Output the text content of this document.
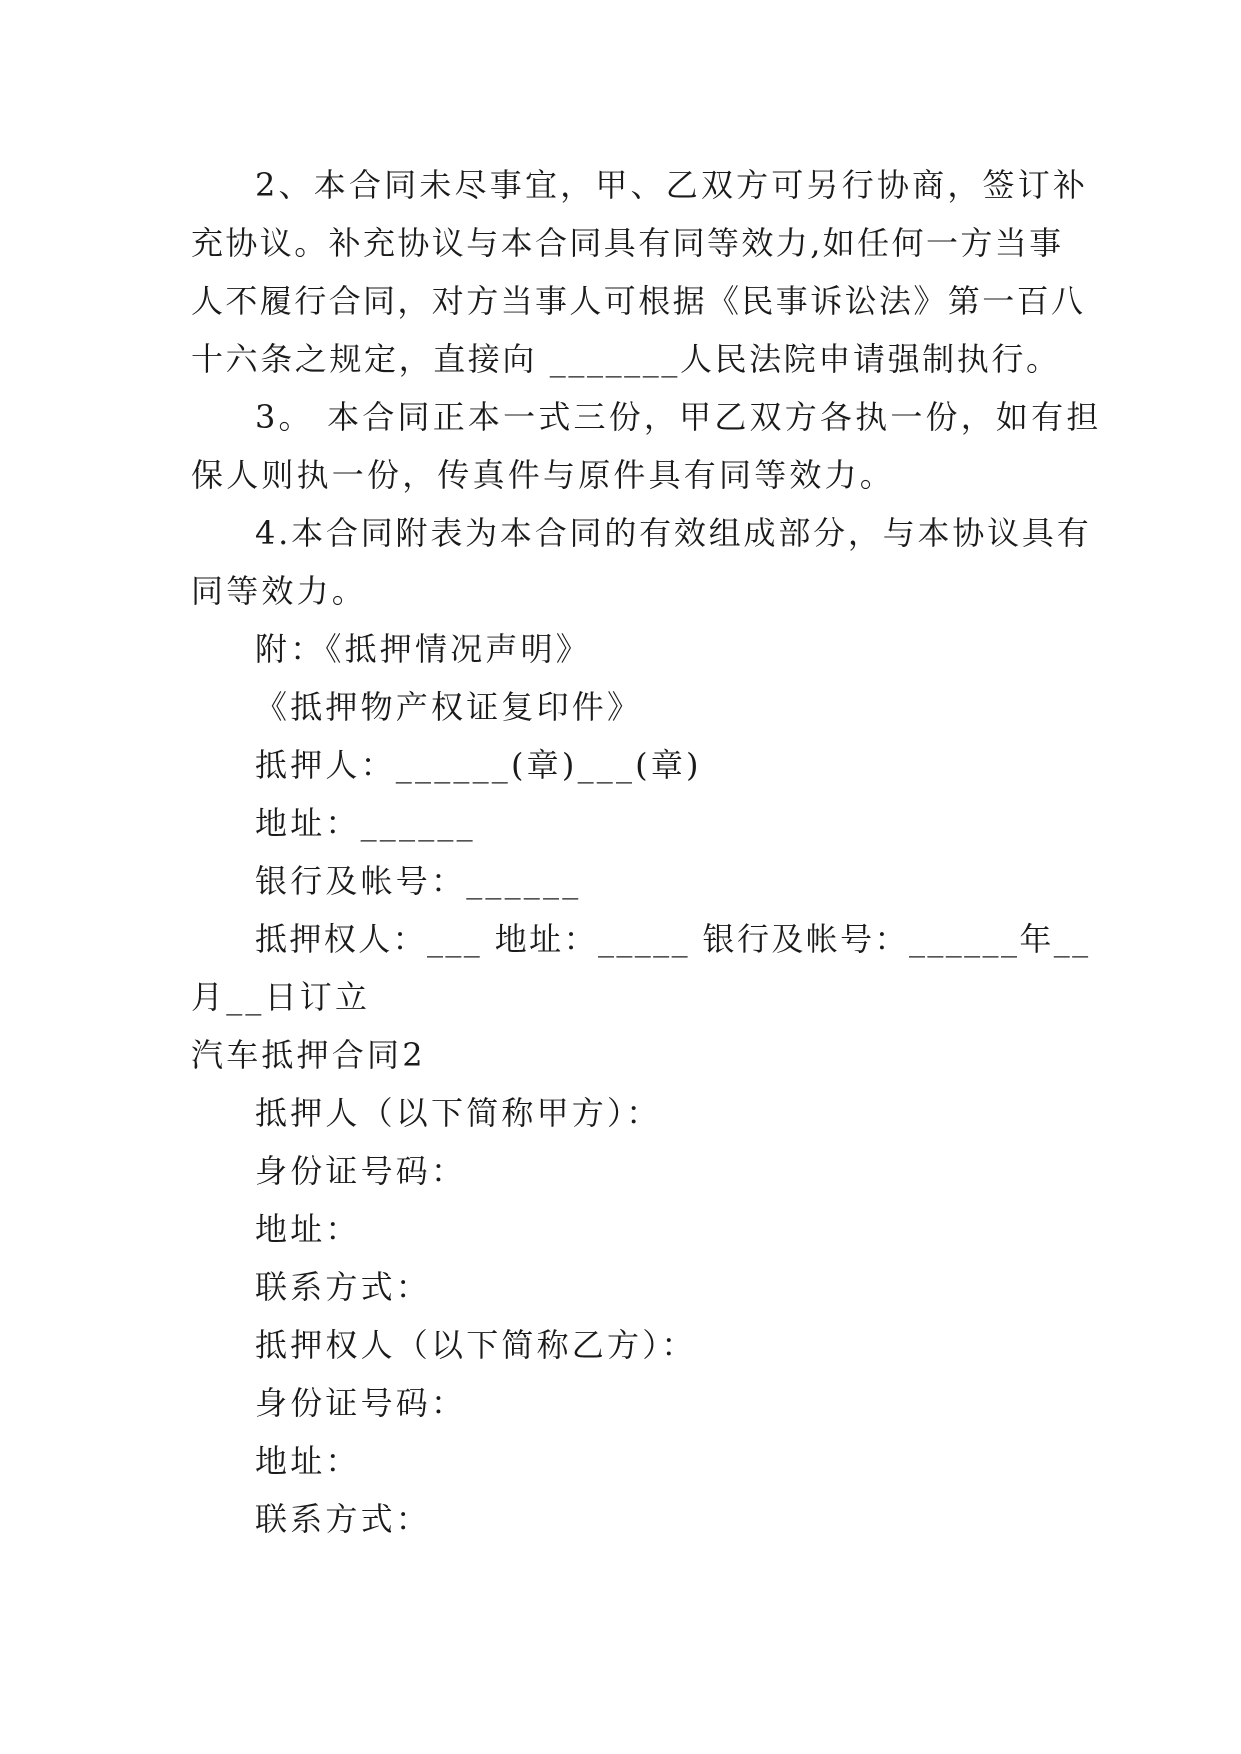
2、本合同未尽事宜，甲、乙双方可另行协商，签订补
充协议。补充协议与本合同具有同等效力,如任何一方当事
人不履行合同，对方当事人可根据《民事诉讼法》第一百八
十六条之规定，直接向 _______人民法院申请强制执行。
3。 本合同正本一式三份，甲乙双方各执一份，如有担
保人则执一份，传真件与原件具有同等效力。
4.本合同附表为本合同的有效组成部分，与本协议具有
同等效力。
附：《抵押情况声明》
《抵押物产权证复印件》
抵押人：______(章)___(章)
地址：______
银行及帐号：______
抵押权人：___ 地址：_____ 银行及帐号：______年__
月__日订立
汽车抵押合同2
抵押人（以下简称甲方）：
身份证号码：
地址：
联系方式：
抵押权人（以下简称乙方）：
身份证号码：
地址：
联系方式：
